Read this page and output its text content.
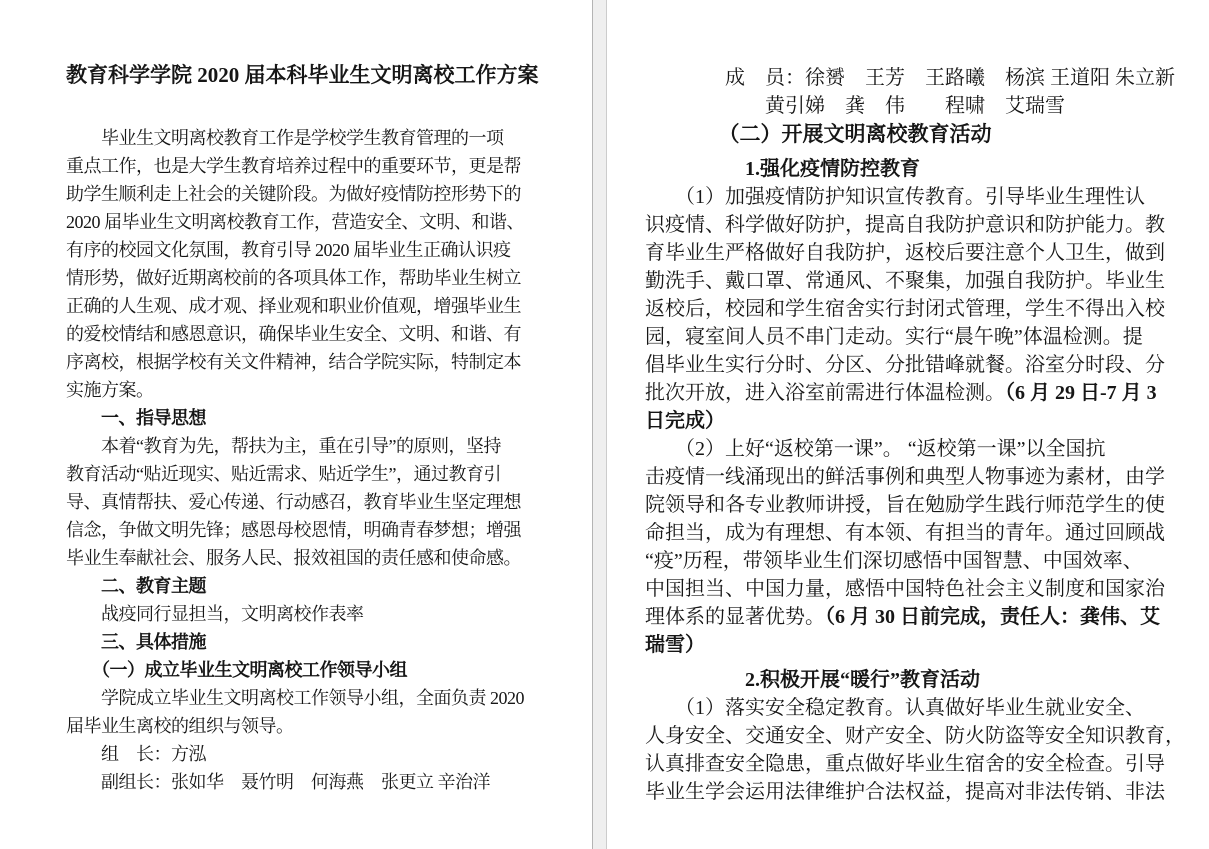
教育科学学院 2020 届本科毕业生文明离校工作方案
　　毕业生文明离校教育工作是学校学生教育管理的一项
重点工作，也是大学生教育培养过程中的重要环节，更是帮
助学生顺利走上社会的关键阶段。为做好疫情防控形势下的
2020 届毕业生文明离校教育工作，营造安全、文明、和谐、
有序的校园文化氛围，教育引导 2020 届毕业生正确认识疫
情形势，做好近期离校前的各项具体工作，帮助毕业生树立
正确的人生观、成才观、择业观和职业价值观，增强毕业生
的爱校情结和感恩意识，确保毕业生安全、文明、和谐、有
序离校，根据学校有关文件精神，结合学院实际，特制定本
实施方案。
　　一、指导思想
　　本着“教育为先，帮扶为主，重在引导”的原则，坚持
教育活动“贴近现实、贴近需求、贴近学生”，通过教育引
导、真情帮扶、爱心传递、行动感召，教育毕业生坚定理想
信念，争做文明先锋；感恩母校恩情，明确青春梦想；增强
毕业生奉献社会、服务人民、报效祖国的责任感和使命感。
　　二、教育主题
　　战疫同行显担当，文明离校作表率
　　三、具体措施
　　（一）成立毕业生文明离校工作领导小组
　　学院成立毕业生文明离校工作领导小组，全面负责 2020
届毕业生离校的组织与领导。
　　组　长：方泓
　　副组长：张如华　聂竹明　何海燕　张更立 辛治洋
　　　　成　员：徐赟　王芳　王路曦　杨滨 王道阳 朱立新
　　　　　　黄引娣　龚　伟　　程啸　艾瑞雪
　　　　（二）开展文明离校教育活动
　　　　　1.强化疫情防控教育
　　（1）加强疫情防护知识宣传教育。引导毕业生理性认
识疫情、科学做好防护，提高自我防护意识和防护能力。教
育毕业生严格做好自我防护，返校后要注意个人卫生，做到
勤洗手、戴口罩、常通风、不聚集，加强自我防护。毕业生
返校后，校园和学生宿舍实行封闭式管理，学生不得出入校
园，寝室间人员不串门走动。实行“晨午晚”体温检测。提
倡毕业生实行分时、分区、分批错峰就餐。浴室分时段、分
批次开放，进入浴室前需进行体温检测。（6 月 29 日-7 月 3
日完成）
　　（2）上好“返校第一课”。 “返校第一课”以全国抗
击疫情一线涌现出的鲜活事例和典型人物事迹为素材，由学
院领导和各专业教师讲授，旨在勉励学生践行师范学生的使
命担当，成为有理想、有本领、有担当的青年。通过回顾战
“疫”历程，带领毕业生们深切感悟中国智慧、中国效率、
中国担当、中国力量，感悟中国特色社会主义制度和国家治
理体系的显著优势。（6 月 30 日前完成，责任人：龚伟、艾
瑞雪）
　　　　　2.积极开展“暖行”教育活动
　　（1）落实安全稳定教育。认真做好毕业生就业安全、
人身安全、交通安全、财产安全、防火防盗等安全知识教育，
认真排查安全隐患，重点做好毕业生宿舍的安全检查。引导
毕业生学会运用法律维护合法权益，提高对非法传销、非法
